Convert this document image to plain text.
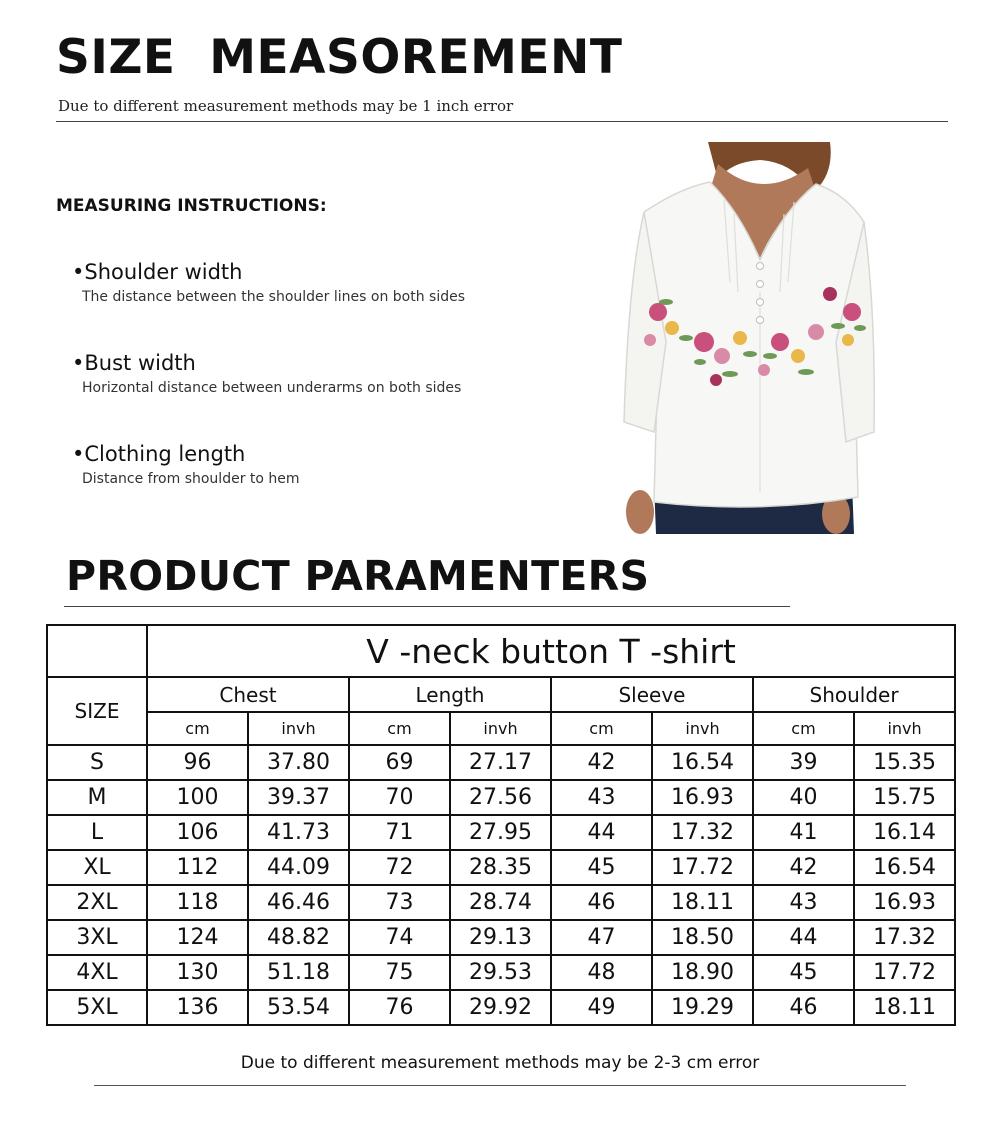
SIZE  MEASOREMENT
Due to different measurement methods may be 1 inch error
MEASURING INSTRUCTIONS:
•Shoulder width
The distance between the shoulder lines on both sides
•Bust width
Horizontal distance between underarms on both sides
•Clothing length
Distance from shoulder to hem
PRODUCT PARAMENTERS
	V -neck button T -shirt							
SIZE	Chest		Length		Sleeve		Shoulder	
	cm	invh	cm	invh	cm	invh	cm	invh
S	96	37.80	69	27.17	42	16.54	39	15.35
M	100	39.37	70	27.56	43	16.93	40	15.75
L	106	41.73	71	27.95	44	17.32	41	16.14
XL	112	44.09	72	28.35	45	17.72	42	16.54
2XL	118	46.46	73	28.74	46	18.11	43	16.93
3XL	124	48.82	74	29.13	47	18.50	44	17.32
4XL	130	51.18	75	29.53	48	18.90	45	17.72
5XL	136	53.54	76	29.92	49	19.29	46	18.11
Due to different measurement methods may be 2-3 cm error
